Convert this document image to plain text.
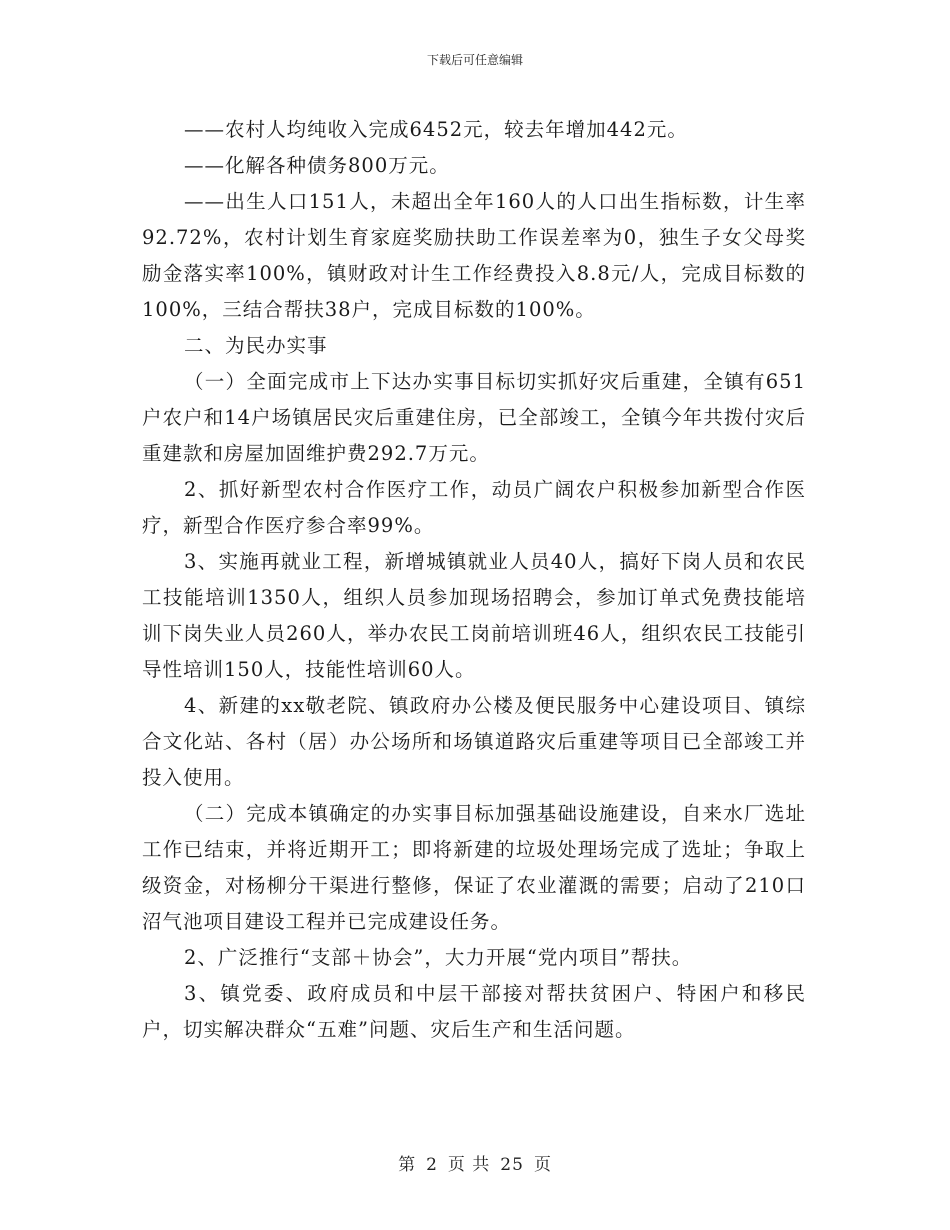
下载后可任意编辑

——农村人均纯收入完成6452元，较去年增加442元。

——化解各种债务800万元。

——出生人口151人，未超出全年160人的人口出生指标数，计生率92.72%，农村计划生育家庭奖励扶助工作误差率为0，独生子女父母奖励金落实率100%，镇财政对计生工作经费投入8.8元/人，完成目标数的100%，三结合帮扶38户，完成目标数的100%。

二、为民办实事

（一）全面完成市上下达办实事目标切实抓好灾后重建，全镇有651户农户和14户场镇居民灾后重建住房，已全部竣工，全镇今年共拨付灾后重建款和房屋加固维护费292.7万元。

2、抓好新型农村合作医疗工作，动员广阔农户积极参加新型合作医疗，新型合作医疗参合率99%。

3、实施再就业工程，新增城镇就业人员40人，搞好下岗人员和农民工技能培训1350人，组织人员参加现场招聘会，参加订单式免费技能培训下岗失业人员260人，举办农民工岗前培训班46人，组织农民工技能引导性培训150人，技能性培训60人。

4、新建的xx敬老院、镇政府办公楼及便民服务中心建设项目、镇综合文化站、各村（居）办公场所和场镇道路灾后重建等项目已全部竣工并投入使用。

（二）完成本镇确定的办实事目标加强基础设施建设，自来水厂选址工作已结束，并将近期开工；即将新建的垃圾处理场完成了选址；争取上级资金，对杨柳分干渠进行整修，保证了农业灌溉的需要；启动了210口沼气池项目建设工程并已完成建设任务。

2、广泛推行“支部＋协会”，大力开展“党内项目”帮扶。

3、镇党委、政府成员和中层干部接对帮扶贫困户、特困户和移民户，切实解决群众“五难”问题、灾后生产和生活问题。

第 2 页 共 25 页
